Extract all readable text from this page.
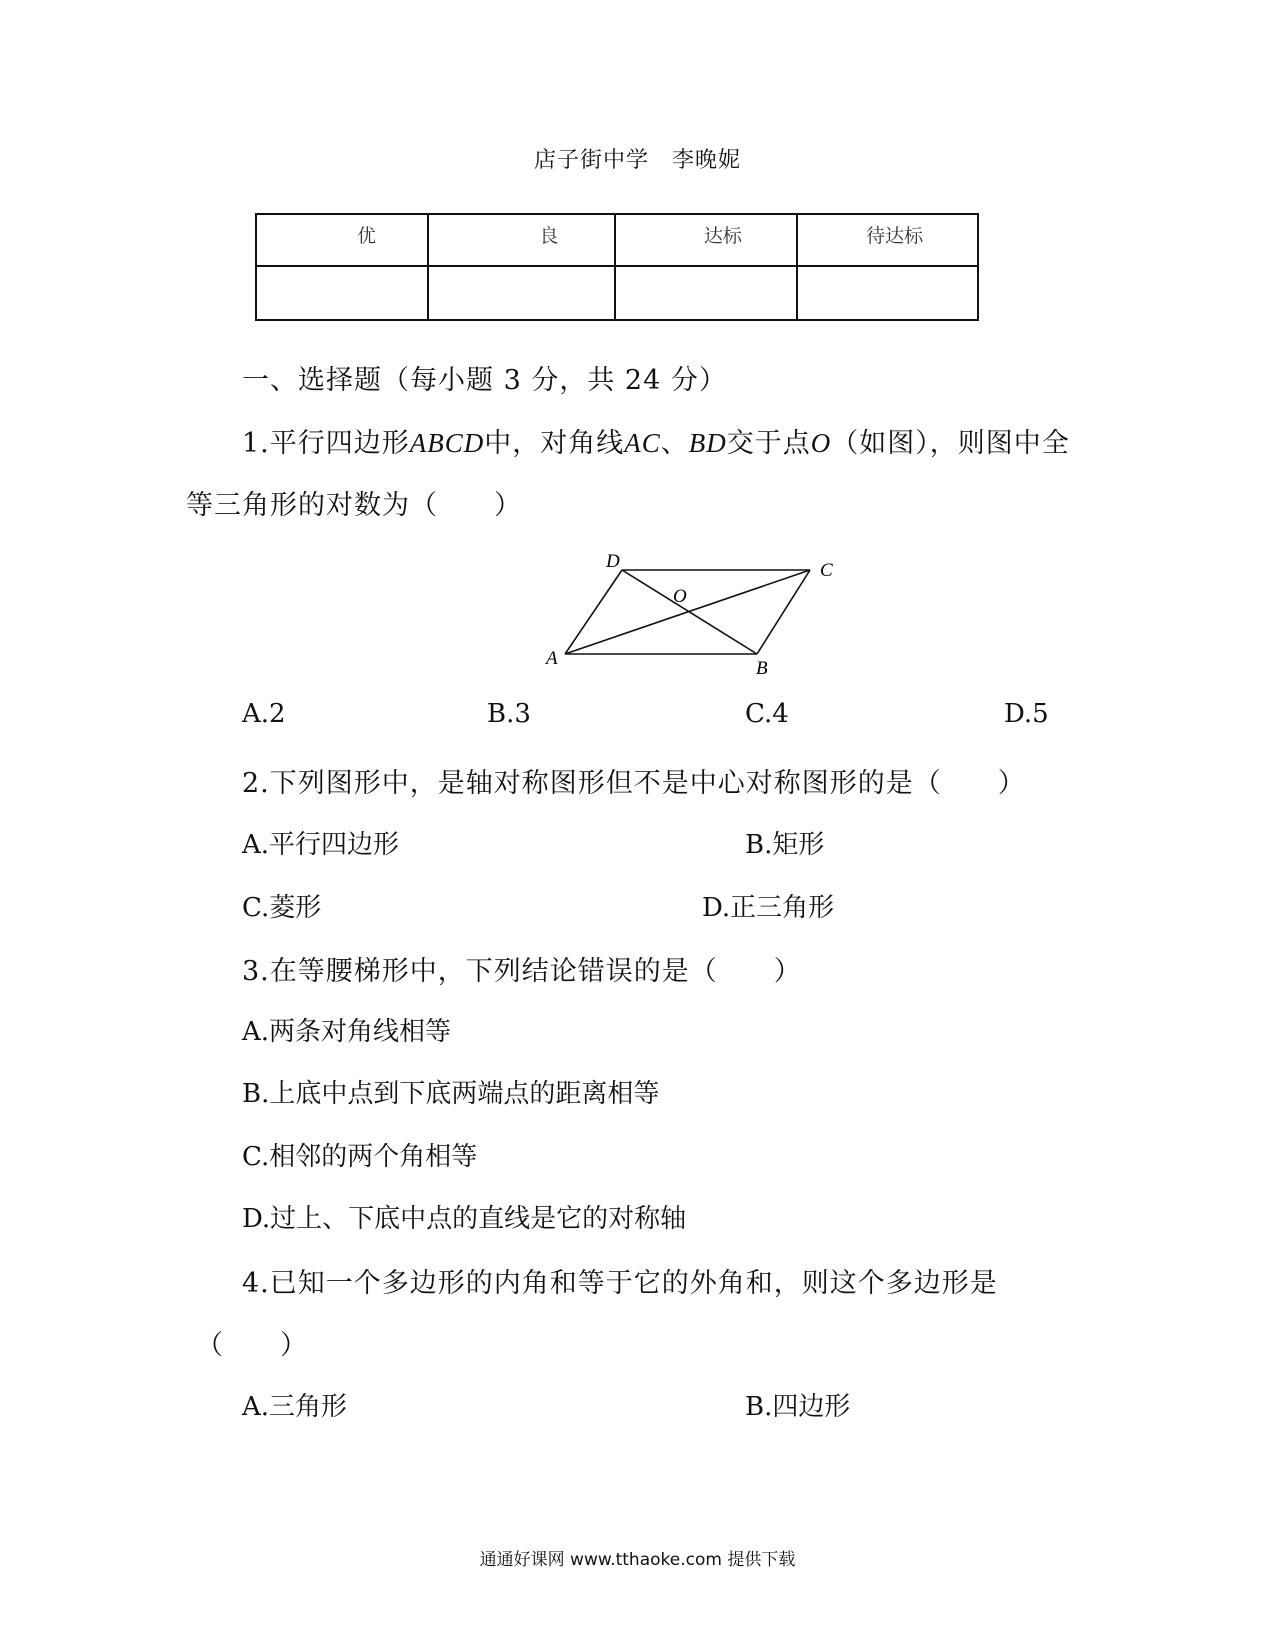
店子街中学　李晚妮
优	良	达标	待达标

一、选择题（每小题 3 分，共 24 分）
1.平行四边形ABCD中，对角线AC、BD交于点O（如图），则图中全
等三角形的对数为（　　）
D	C
O
A	B
A.2	B.3	C.4	D.5
2.下列图形中，是轴对称图形但不是中心对称图形的是（　　）
A.平行四边形	B.矩形
C.菱形	D.正三角形
3.在等腰梯形中，下列结论错误的是（　　）
A.两条对角线相等
B.上底中点到下底两端点的距离相等
C.相邻的两个角相等
D.过上、下底中点的直线是它的对称轴
4.已知一个多边形的内角和等于它的外角和，则这个多边形是
（　　）
A.三角形	B.四边形
通通好课网 www.tthaoke.com 提供下载
